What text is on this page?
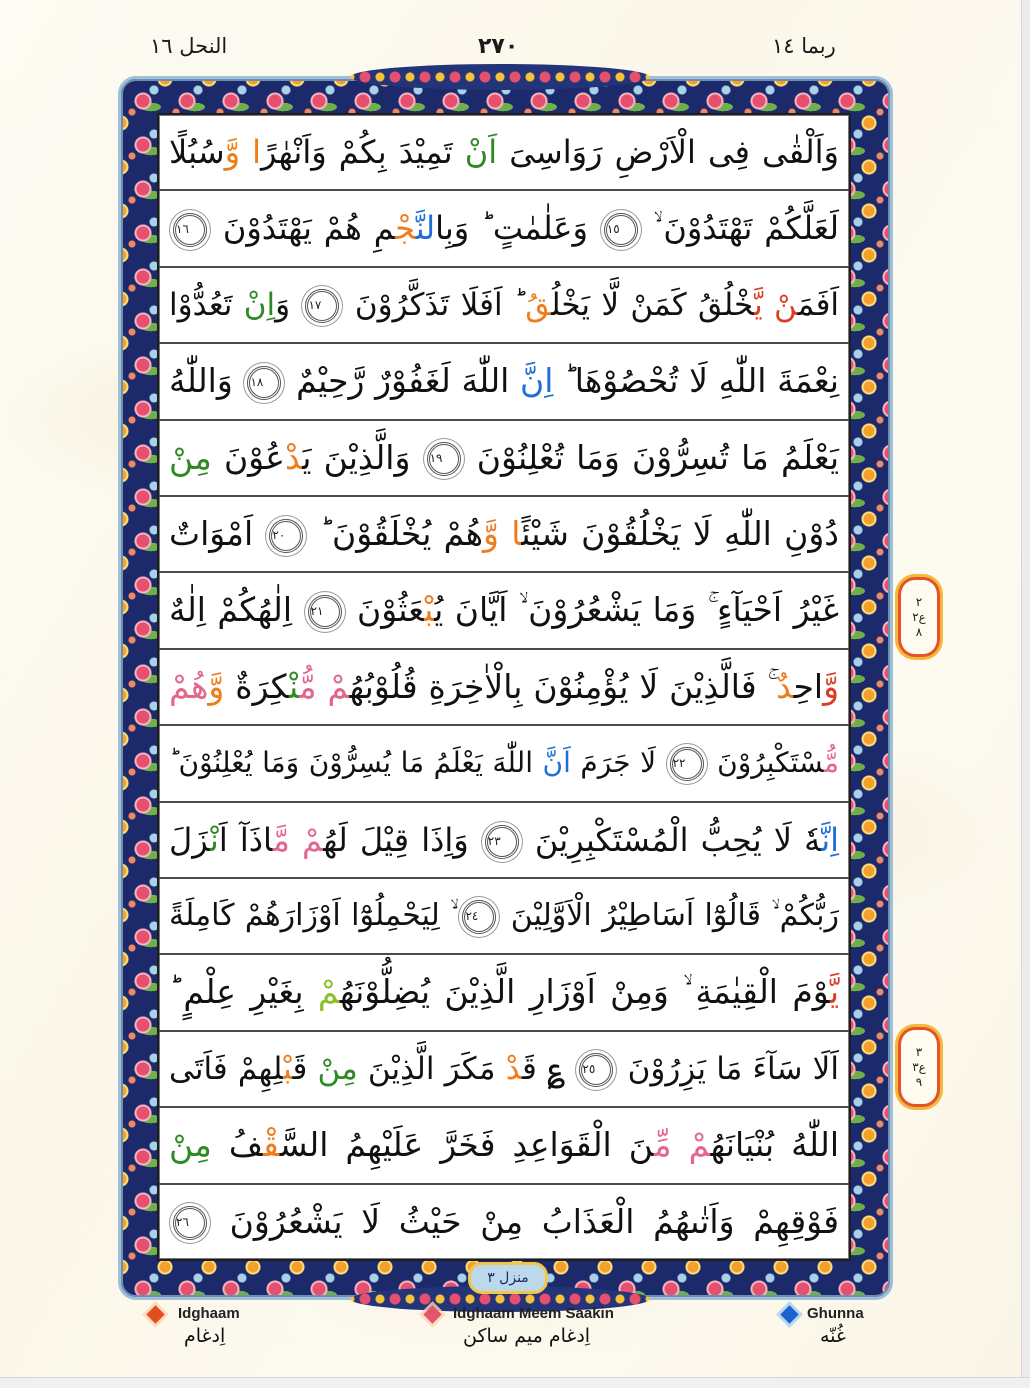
النحل ١٦	٢٧٠	ربما ١٤
وَاَلْقٰى فِى الْاَرْضِ رَوَاسِىَ اَنْ تَمِيْدَ بِكُمْ وَاَنْهٰرًا وَّسُبُلًا
لَعَلَّكُمْ تَهْتَدُوْنَ ۙ ١٥ وَعَلٰمٰتٍ ؕ وَبِالنَّجْمِ هُمْ يَهْتَدُوْنَ ١٦
اَفَمَنْ يَّخْلُقُ كَمَنْ لَّا يَخْلُقُ ؕ اَفَلَا تَذَكَّرُوْنَ ١٧ وَاِنْ تَعُدُّوْا
نِعْمَةَ اللّٰهِ لَا تُحْصُوْهَا ؕ اِنَّ اللّٰهَ لَغَفُوْرٌ رَّحِيْمٌ ١٨ وَاللّٰهُ
يَعْلَمُ مَا تُسِرُّوْنَ وَمَا تُعْلِنُوْنَ ١٩ وَالَّذِيْنَ يَدْعُوْنَ مِنْ
دُوْنِ اللّٰهِ لَا يَخْلُقُوْنَ شَيْئًا وَّهُمْ يُخْلَقُوْنَ ؕ ٢٠ اَمْوَاتٌ
غَيْرُ اَحْيَآءٍ ۚ وَمَا يَشْعُرُوْنَ ۙ اَيَّانَ يُبْعَثُوْنَ ٢١ اِلٰهُكُمْ اِلٰهٌ
وَّاحِدٌ ۚ فَالَّذِيْنَ لَا يُؤْمِنُوْنَ بِالْاٰخِرَةِ قُلُوْبُهُمْ مُّنْكِرَةٌ وَّهُمْ
مُّسْتَكْبِرُوْنَ ٢٢ لَا جَرَمَ اَنَّ اللّٰهَ يَعْلَمُ مَا يُسِرُّوْنَ وَمَا يُعْلِنُوْنَ ؕ
اِنَّهٗ لَا يُحِبُّ الْمُسْتَكْبِرِيْنَ ٢٣ وَاِذَا قِيْلَ لَهُمْ مَّاذَآ اَنْزَلَ
رَبُّكُمْ ۙ قَالُوْٓا اَسَاطِيْرُ الْاَوَّلِيْنَ ٢٤ ۙ لِيَحْمِلُوْٓا اَوْزَارَهُمْ كَامِلَةً
يَّوْمَ الْقِيٰمَةِ ۙ وَمِنْ اَوْزَارِ الَّذِيْنَ يُضِلُّوْنَهُمْ بِغَيْرِ عِلْمٍ ؕ
اَلَا سَآءَ مَا يَزِرُوْنَ ٢٥ ؏ قَدْ مَكَرَ الَّذِيْنَ مِنْ قَبْلِهِمْ فَاَتَى
اللّٰهُ بُنْيَانَهُمْ مِّنَ الْقَوَاعِدِ فَخَرَّ عَلَيْهِمُ السَّقْفُ مِنْ
فَوْقِهِمْ وَاَتٰىهُمُ الْعَذَابُ مِنْ حَيْثُ لَا يَشْعُرُوْنَ ٢٦
٢
ع٢
٨
٣
ع٣
٩
منزل ٣
Idghaam
اِدغام
Idghaam Meem Saakin
اِدغام میم ساکن
Ghunna
غُنّه
